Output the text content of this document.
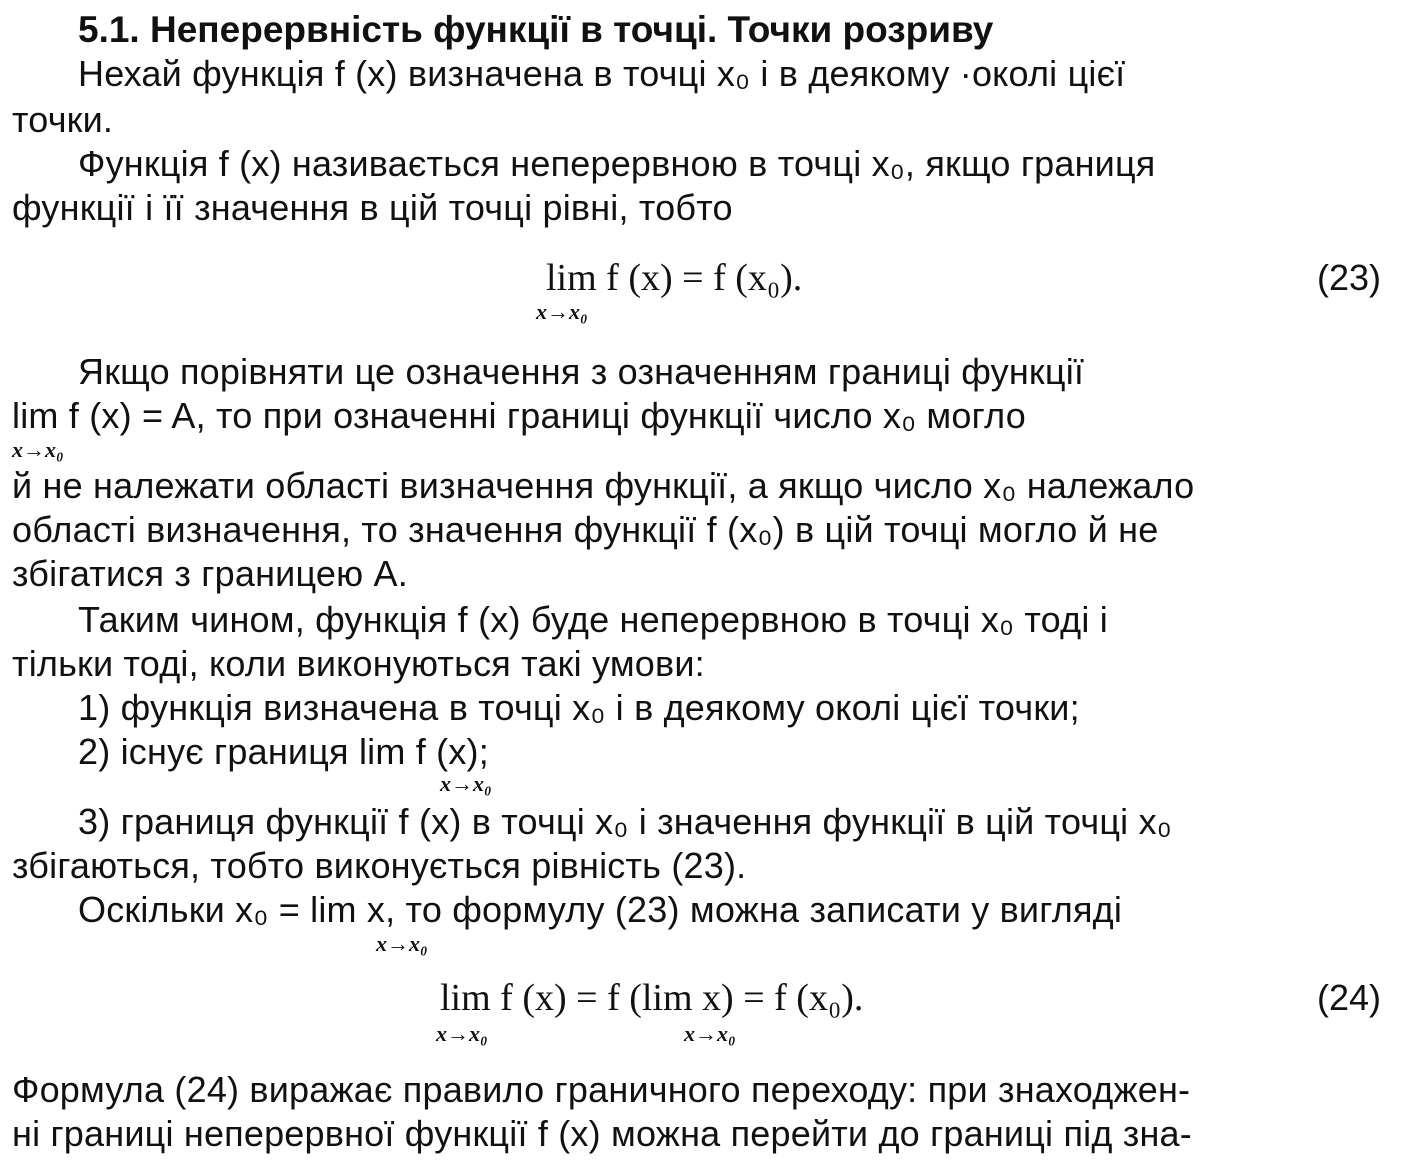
5.1. Неперервність функції в точці. Точки розриву
Нехай функція f (x) визначена в точці x₀ і в деякому ·околі цієї
точки.
Функція f (x) називається неперервною в точці x₀, якщо границя
функції і її значення в цій точці рівні, тобто
lim f (x) = f (x₀).
x→x₀
(23)
Якщо порівняти це означення з означенням границі функції
lim f (x) = A, то при означенні границі функції число x₀ могло
x→x₀
й не належати області визначення функції, а якщо число x₀ належало
області визначення, то значення функції f (x₀) в цій точці могло й не
збігатися з границею A.
Таким чином, функція f (x) буде неперервною в точці x₀ тоді і
тільки тоді, коли виконуються такі умови:
1) функція визначена в точці x₀ і в деякому околі цієї точки;
2) існує границя lim f (x);
x→x₀
3) границя функції f (x) в точці x₀ і значення функції в цій точці x₀
збігаються, тобто виконується рівність (23).
Оскільки x₀ = lim x, то формулу (23) можна записати у вигляді
x→x₀
lim f (x) = f (lim x) = f (x₀).
x→x₀	x→x₀
(24)
Формула (24) виражає правило граничного переходу: при знаходжен-
ні границі неперервної функції f (x) можна перейти до границі під зна-
